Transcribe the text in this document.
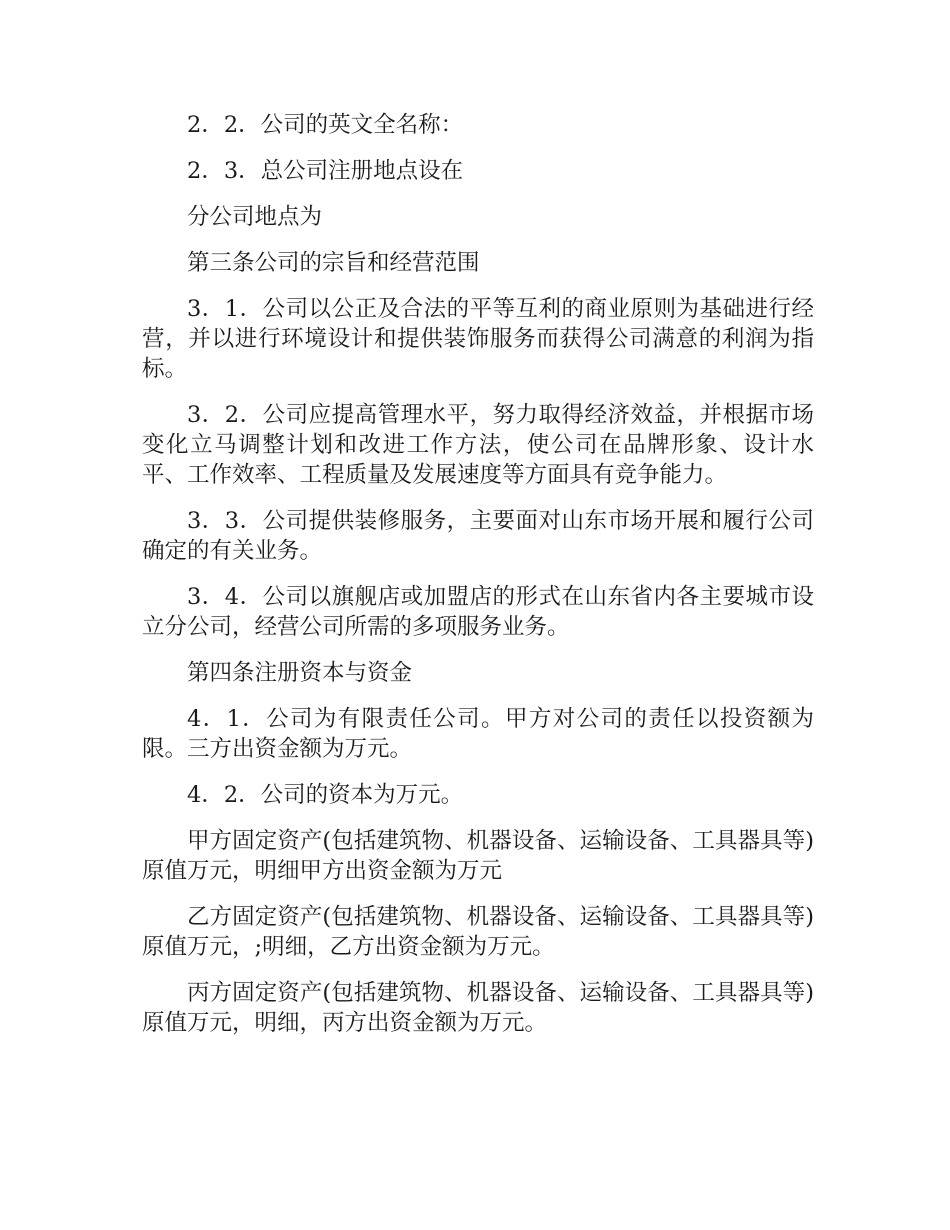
2．2．公司的英文全名称：

2．3．总公司注册地点设在

分公司地点为

第三条公司的宗旨和经营范围

3．1．公司以公正及合法的平等互利的商业原则为基础进行经营，并以进行环境设计和提供装饰服务而获得公司满意的利润为指标。

3．2．公司应提高管理水平，努力取得经济效益，并根据市场变化立马调整计划和改进工作方法，使公司在品牌形象、设计水平、工作效率、工程质量及发展速度等方面具有竞争能力。

3．3．公司提供装修服务，主要面对山东市场开展和履行公司确定的有关业务。

3．4．公司以旗舰店或加盟店的形式在山东省内各主要城市设立分公司，经营公司所需的多项服务业务。

第四条注册资本与资金

4．1．公司为有限责任公司。甲方对公司的责任以投资额为限。三方出资金额为万元。

4．2．公司的资本为万元。

甲方固定资产(包括建筑物、机器设备、运输设备、工具器具等)原值万元，明细甲方出资金额为万元

乙方固定资产(包括建筑物、机器设备、运输设备、工具器具等)原值万元，;明细，乙方出资金额为万元。

丙方固定资产(包括建筑物、机器设备、运输设备、工具器具等)原值万元，明细，丙方出资金额为万元。
